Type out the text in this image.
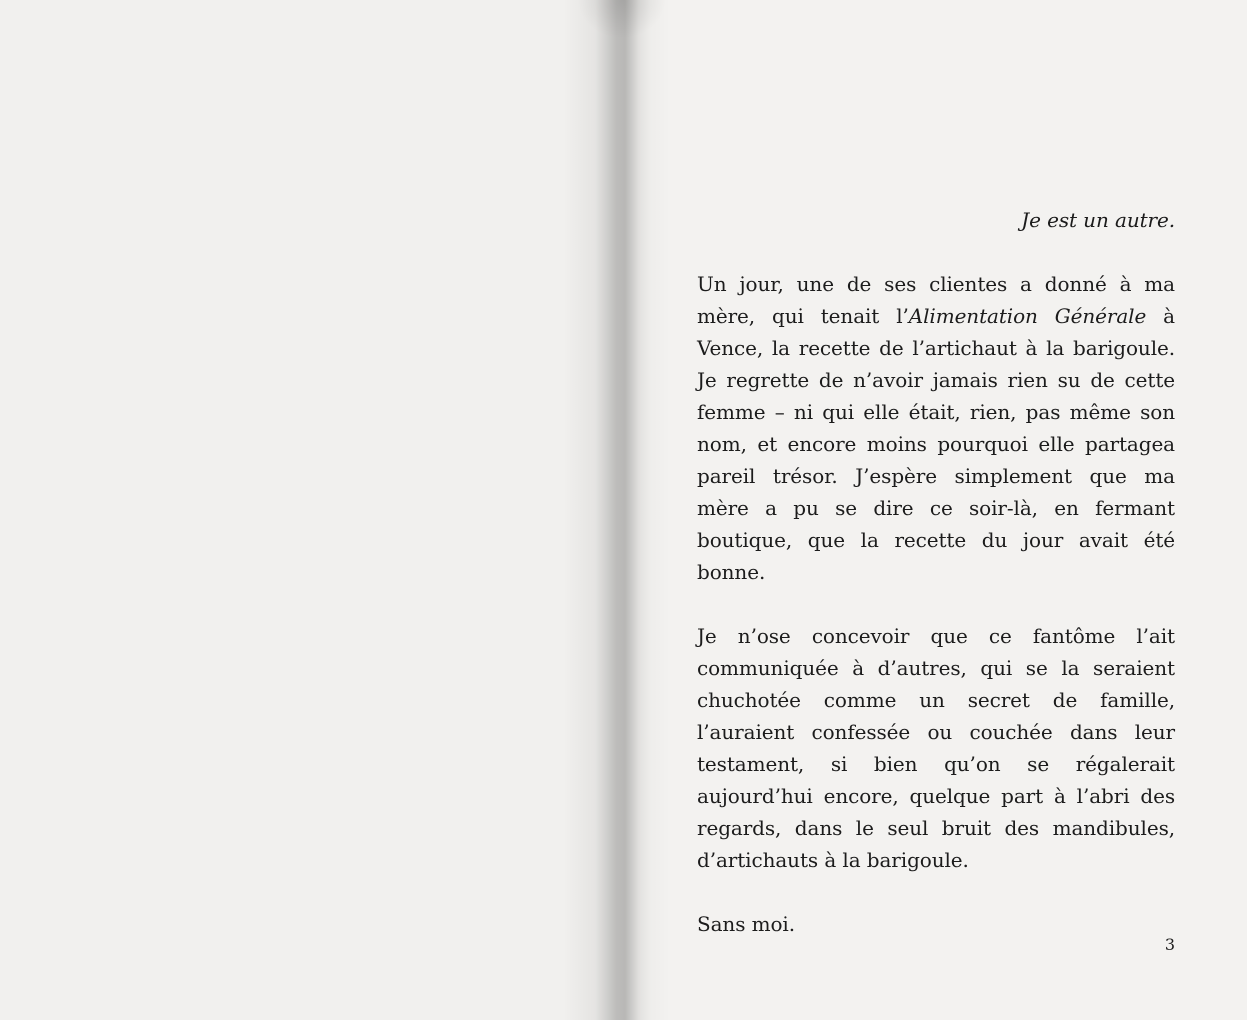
Je est un autre.

Un jour, une de ses clientes a donné à ma mère, qui tenait l’Alimentation Générale à Vence, la recette de l’artichaut à la barigoule. Je regrette de n’avoir jamais rien su de cette femme – ni qui elle était, rien, pas même son nom, et encore moins pourquoi elle partagea pareil trésor. J’espère simplement que ma mère a pu se dire ce soir-là, en fermant boutique, que la recette du jour avait été bonne.

Je n’ose concevoir que ce fantôme l’ait communiquée à d’autres, qui se la seraient chuchotée comme un secret de famille, l’auraient confessée ou couchée dans leur testament, si bien qu’on se régalerait aujourd’hui encore, quelque part à l’abri des regards, dans le seul bruit des mandibules, d’artichauts à la barigoule.

Sans moi.

3
